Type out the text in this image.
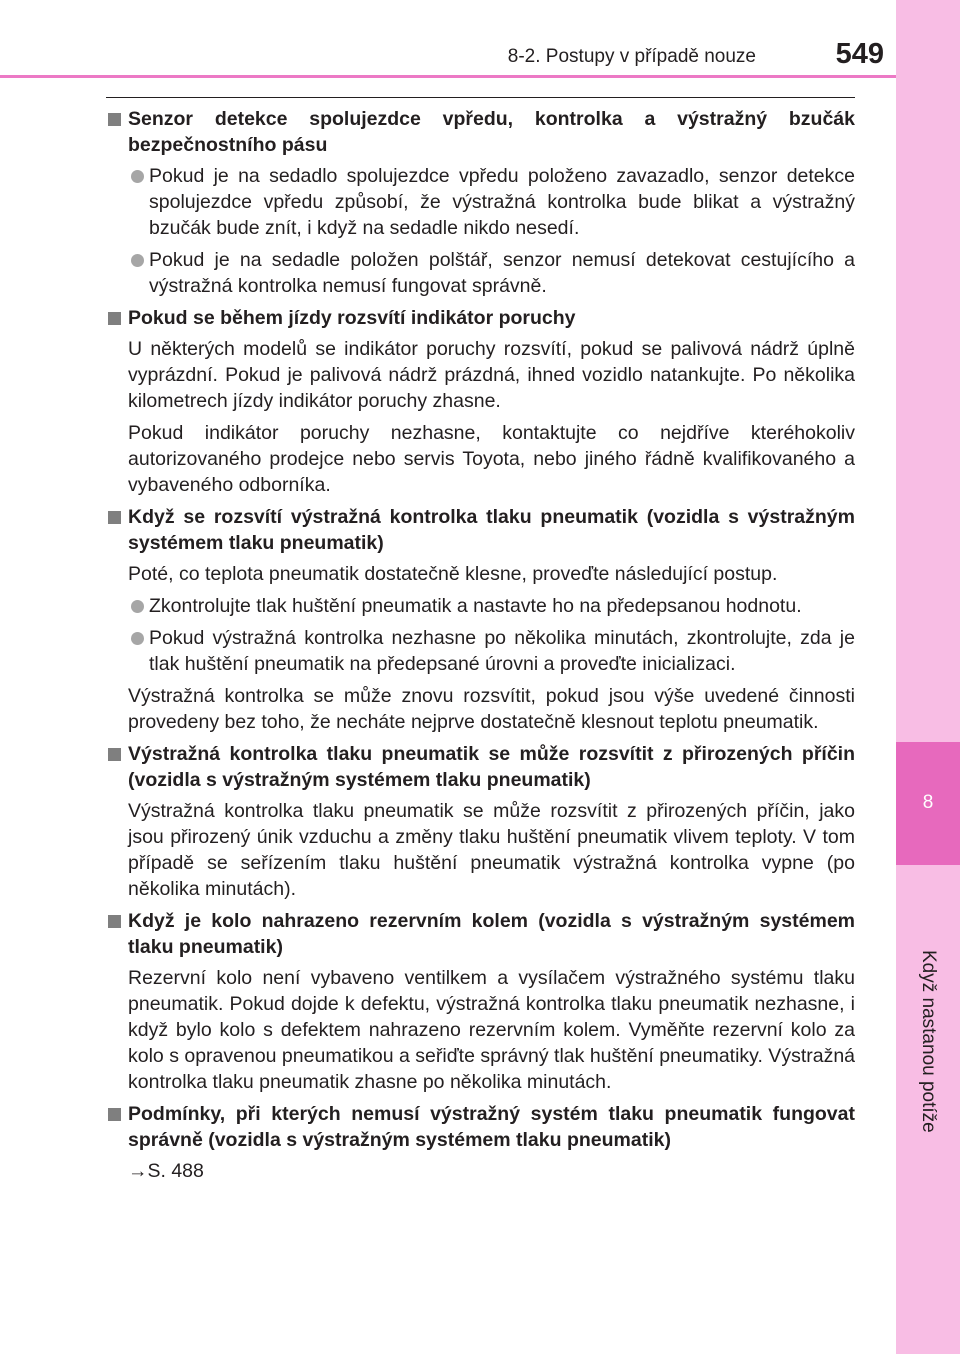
8-2. Postupy v případě nouze	549
8
Když nastanou potíže
Senzor detekce spolujezdce vpředu, kontrolka a výstražný bzučák bezpečnostního pásu
Pokud je na sedadlo spolujezdce vpředu položeno zavazadlo, senzor detekce spolujezdce vpředu způsobí, že výstražná kontrolka bude blikat a výstražný bzučák bude znít, i když na sedadle nikdo nesedí.
Pokud je na sedadle položen polštář, senzor nemusí detekovat cestujícího a výstražná kontrolka nemusí fungovat správně.
Pokud se během jízdy rozsvítí indikátor poruchy
U některých modelů se indikátor poruchy rozsvítí, pokud se palivová nádrž úplně vyprázdní. Pokud je palivová nádrž prázdná, ihned vozidlo natankujte. Po několika kilometrech jízdy indikátor poruchy zhasne.
Pokud indikátor poruchy nezhasne, kontaktujte co nejdříve kteréhokoliv autorizovaného prodejce nebo servis Toyota, nebo jiného řádně kvalifikovaného a vybaveného odborníka.
Když se rozsvítí výstražná kontrolka tlaku pneumatik (vozidla s výstražným systémem tlaku pneumatik)
Poté, co teplota pneumatik dostatečně klesne, proveďte následující postup.
Zkontrolujte tlak huštění pneumatik a nastavte ho na předepsanou hodnotu.
Pokud výstražná kontrolka nezhasne po několika minutách, zkontrolujte, zda je tlak huštění pneumatik na předepsané úrovni a proveďte inicializaci.
Výstražná kontrolka se může znovu rozsvítit, pokud jsou výše uvedené činnosti provedeny bez toho, že necháte nejprve dostatečně klesnout teplotu pneumatik.
Výstražná kontrolka tlaku pneumatik se může rozsvítit z přirozených příčin (vozidla s výstražným systémem tlaku pneumatik)
Výstražná kontrolka tlaku pneumatik se může rozsvítit z přirozených příčin, jako jsou přirozený únik vzduchu a změny tlaku huštění pneumatik vlivem teploty. V tom případě se seřízením tlaku huštění pneumatik výstražná kontrolka vypne (po několika minutách).
Když je kolo nahrazeno rezervním kolem (vozidla s výstražným systémem tlaku pneumatik)
Rezervní kolo není vybaveno ventilkem a vysílačem výstražného systému tlaku pneumatik. Pokud dojde k defektu, výstražná kontrolka tlaku pneumatik nezhasne, i když bylo kolo s defektem nahrazeno rezervním kolem. Vyměňte rezervní kolo za kolo s opravenou pneumatikou a seřiďte správný tlak huštění pneumatiky. Výstražná kontrolka tlaku pneumatik zhasne po několika minutách.
Podmínky, při kterých nemusí výstražný systém tlaku pneumatik fungovat správně (vozidla s výstražným systémem tlaku pneumatik)
→S. 488
